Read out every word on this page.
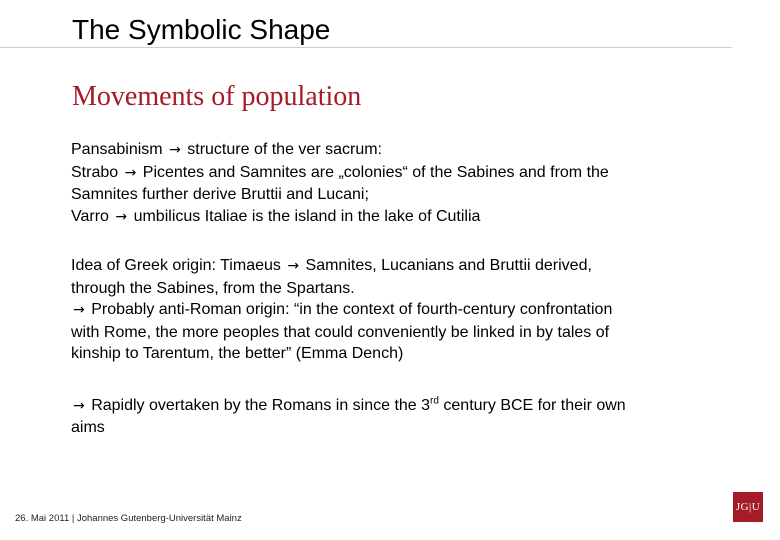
The Symbolic Shape
Movements of population

Pansabinism → structure of the ver sacrum:
Strabo → Picentes and Samnites are „colonies“ of the Sabines and from the Samnites further derive Bruttii and Lucani;
Varro → umbilicus Italiae is the island in the lake of Cutilia

Idea of Greek origin: Timaeus → Samnites, Lucanians and Bruttii derived, through the Sabines, from the Spartans.
→ Probably anti-Roman origin: “in the context of fourth-century confrontation with Rome, the more peoples that could conveniently be linked in by tales of kinship to Tarentum, the better” (Emma Dench)

→ Rapidly overtaken by the Romans in since the 3rd century BCE for their own aims

26. Mai 2011 | Johannes Gutenberg-Universität Mainz
JG|U
